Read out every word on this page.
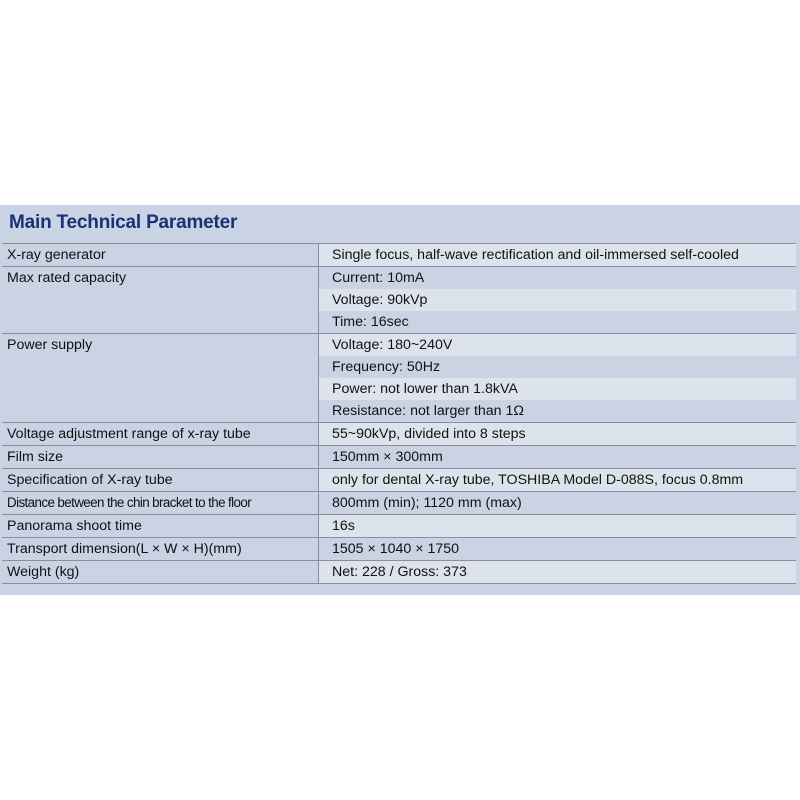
Main Technical Parameter
X-ray generator	Single focus, half-wave rectification and oil-immersed self-cooled
Max rated capacity	Current: 10mA
Voltage: 90kVp
Time: 16sec
Power supply	Voltage: 180~240V
Frequency: 50Hz
Power: not lower than 1.8kVA
Resistance: not larger than 1Ω
Voltage adjustment range of x-ray tube	55~90kVp, divided into 8 steps
Film size	150mm × 300mm
Specification of X-ray tube	only for dental X-ray tube, TOSHIBA Model D-088S, focus 0.8mm
Distance between the chin bracket to the floor	800mm (min); 1120 mm (max)
Panorama shoot time	16s
Transport dimension(L × W × H)(mm)	1505 × 1040 × 1750
Weight (kg)	Net: 228 / Gross: 373
